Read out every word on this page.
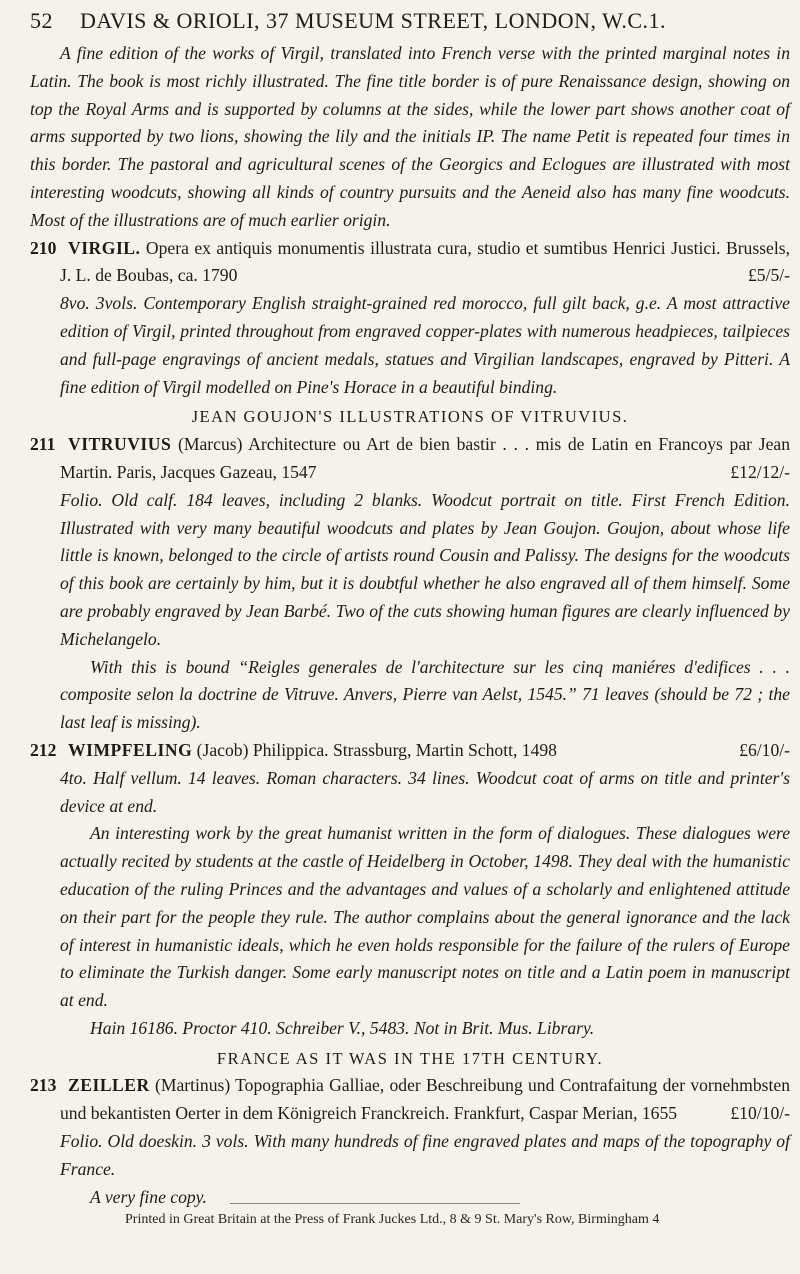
52 DAVIS & ORIOLI, 37 MUSEUM STREET, LONDON, W.C.1.
A fine edition of the works of Virgil, translated into French verse with the printed marginal notes in Latin. The book is most richly illustrated. The fine title border is of pure Renaissance design, showing on top the Royal Arms and is supported by columns at the sides, while the lower part shows another coat of arms supported by two lions, showing the lily and the initials IP. The name Petit is repeated four times in this border. The pastoral and agricultural scenes of the Georgics and Eclogues are illustrated with most interesting woodcuts, showing all kinds of country pursuits and the Aeneid also has many fine woodcuts. Most of the illustrations are of much earlier origin.
210 VIRGIL. Opera ex antiquis monumentis illustrata cura, studio et sumtibus Henrici Justici. Brussels, J. L. de Boubas, ca. 1790	£5/5/-
8vo. 3vols. Contemporary English straight-grained red morocco, full gilt back, g.e. A most attractive edition of Virgil, printed throughout from engraved copper-plates with numerous headpieces, tailpieces and full-page engravings of ancient medals, statues and Virgilian landscapes, engraved by Pitteri. A fine edition of Virgil modelled on Pine's Horace in a beautiful binding.
JEAN GOUJON'S ILLUSTRATIONS OF VITRUVIUS.
211 VITRUVIUS (Marcus) Architecture ou Art de bien bastir . . . mis de Latin en Francoys par Jean Martin. Paris, Jacques Gazeau, 1547	£12/12/-
Folio. Old calf. 184 leaves, including 2 blanks. Woodcut portrait on title. First French Edition. Illustrated with very many beautiful woodcuts and plates by Jean Goujon. Goujon, about whose life little is known, belonged to the circle of artists round Cousin and Palissy. The designs for the woodcuts of this book are certainly by him, but it is doubtful whether he also engraved all of them himself. Some are probably engraved by Jean Barbé. Two of the cuts showing human figures are clearly influenced by Michelangelo.
With this is bound “Reigles generales de l'architecture sur les cinq maniéres d'edifices . . . composite selon la doctrine de Vitruve. Anvers, Pierre van Aelst, 1545.” 71 leaves (should be 72 ; the last leaf is missing).
212 WIMPFELING (Jacob) Philippica. Strassburg, Martin Schott, 1498	£6/10/-
4to. Half vellum. 14 leaves. Roman characters. 34 lines. Woodcut coat of arms on title and printer's device at end.
An interesting work by the great humanist written in the form of dialogues. These dialogues were actually recited by students at the castle of Heidelberg in October, 1498. They deal with the humanistic education of the ruling Princes and the advantages and values of a scholarly and enlightened attitude on their part for the people they rule. The author complains about the general ignorance and the lack of interest in humanistic ideals, which he even holds responsible for the failure of the rulers of Europe to eliminate the Turkish danger. Some early manuscript notes on title and a Latin poem in manuscript at end.
Hain 16186. Proctor 410. Schreiber V., 5483. Not in Brit. Mus. Library.
FRANCE AS IT WAS IN THE 17TH CENTURY.
213 ZEILLER (Martinus) Topographia Galliae, oder Beschreibung und Contrafaitung der vornehmbsten und bekantisten Oerter in dem Königreich Franckreich. Frankfurt, Caspar Merian, 1655	£10/10/-
Folio. Old doeskin. 3 vols. With many hundreds of fine engraved plates and maps of the topography of France.
A very fine copy.
Printed in Great Britain at the Press of Frank Juckes Ltd., 8 & 9 St. Mary's Row, Birmingham 4
